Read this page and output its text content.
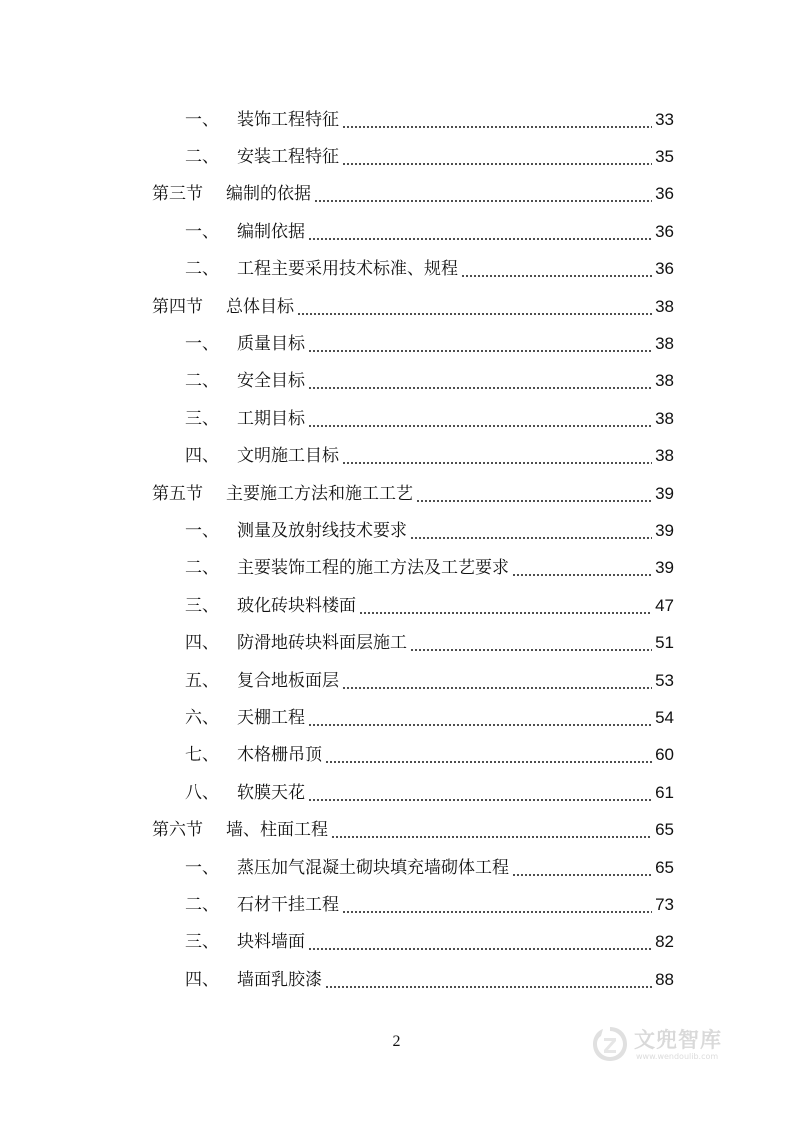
一、	装饰工程特征	33
二、	安装工程特征	35
第三节	编制的依据	36
一、	编制依据	36
二、	工程主要采用技术标准、规程	36
第四节	总体目标	38
一、	质量目标	38
二、	安全目标	38
三、	工期目标	38
四、	文明施工目标	38
第五节	主要施工方法和施工工艺	39
一、	测量及放射线技术要求	39
二、	主要装饰工程的施工方法及工艺要求	39
三、	玻化砖块料楼面	47
四、	防滑地砖块料面层施工	51
五、	复合地板面层	53
六、	天棚工程	54
七、	木格栅吊顶	60
八、	软膜天花	61
第六节	墙、柱面工程	65
一、	蒸压加气混凝土砌块填充墙砌体工程	65
二、	石材干挂工程	73
三、	块料墙面	82
四、	墙面乳胶漆	88
2	文兜智库
www.wendoulib.com
